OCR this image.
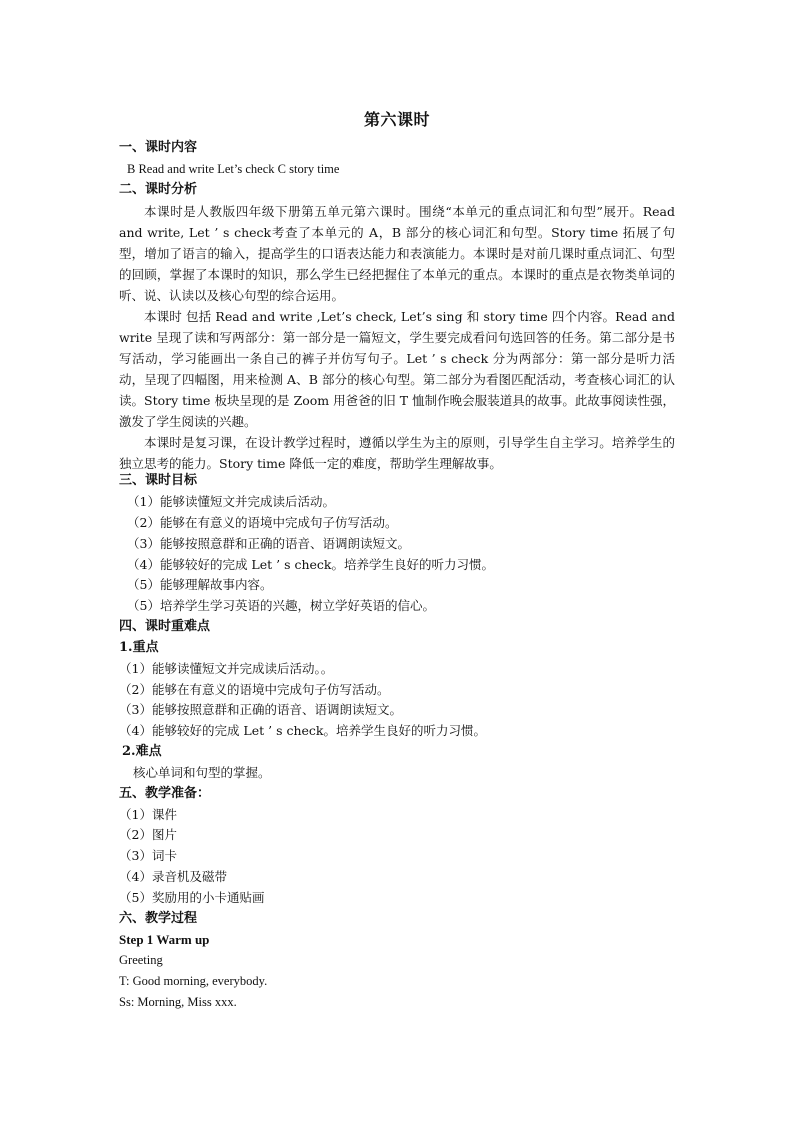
第六课时
一、课时内容
B Read and write Let’s check C story time
二、课时分析

本课时是人教版四年级下册第五单元第六课时。围绕“本单元的重点词汇和句型”展开。Read and write, Let ’ s check考查了本单元的 A，B 部分的核心词汇和句型。Story time 拓展了句型，增加了语言的输入，提高学生的口语表达能力和表演能力。本课时是对前几课时重点词汇、句型的回顾，掌握了本课时的知识，那么学生已经把握住了本单元的重点。本课时的重点是衣物类单词的听、说、认读以及核心句型的综合运用。

本课时 包括 Read and write ,Let’s check, Let’s sing 和 story time 四个内容。Read and write 呈现了读和写两部分：第一部分是一篇短文，学生要完成看问句选回答的任务。第二部分是书写活动，学习能画出一条自己的裤子并仿写句子。Let ’ s check 分为两部分：第一部分是听力活动，呈现了四幅图，用来检测 A、B 部分的核心句型。第二部分为看图匹配活动，考查核心词汇的认读。Story time 板块呈现的是 Zoom 用爸爸的旧 T 恤制作晚会服装道具的故事。此故事阅读性强，激发了学生阅读的兴趣。

本课时是复习课，在设计教学过程时，遵循以学生为主的原则，引导学生自主学习。培养学生的独立思考的能力。Story time 降低一定的难度，帮助学生理解故事。

三、课时目标
（1）能够读懂短文并完成读后活动。
（2）能够在有意义的语境中完成句子仿写活动。
（3）能够按照意群和正确的语音、语调朗读短文。
（4）能够较好的完成 Let ’ s check。培养学生良好的听力习惯。
（5）能够理解故事内容。
（5）培养学生学习英语的兴趣，树立学好英语的信心。
四、课时重难点
1.重点
（1）能够读懂短文并完成读后活动。。
（2）能够在有意义的语境中完成句子仿写活动。
（3）能够按照意群和正确的语音、语调朗读短文。
（4）能够较好的完成 Let ’ s check。培养学生良好的听力习惯。
2.难点
核心单词和句型的掌握。
五、教学准备：
（1）课件
（2）图片
（3）词卡
（4）录音机及磁带
（5）奖励用的小卡通贴画
六、教学过程
Step 1 Warm up
Greeting
T: Good morning, everybody.
Ss: Morning, Miss xxx.
